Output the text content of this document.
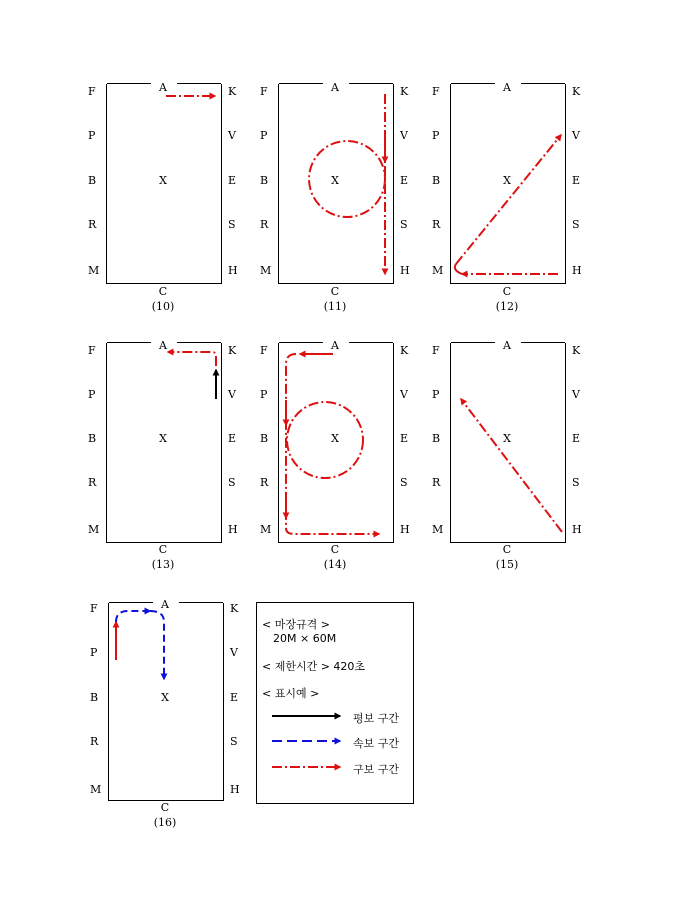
A
F
P
B
R
M
K
V
E
S
H
X
C
(10)
A
F
P
B
R
M
K
V
E
S
H
X
C
(11)
A
F
P
B
R
M
K
V
E
S
H
X
C
(12)
A
F
P
B
R
M
K
V
E
S
H
X
C
(13)
A
F
P
B
R
M
K
V
E
S
H
X
C
(14)
A
F
P
B
R
M
K
V
E
S
H
X
C
(15)
A
F
P
B
R
M
K
V
E
S
H
X
C
(16)
< 마장규격 >
20M × 60M
< 제한시간 > 420초
< 표시예 >
평보 구간
속보 구간
구보 구간
